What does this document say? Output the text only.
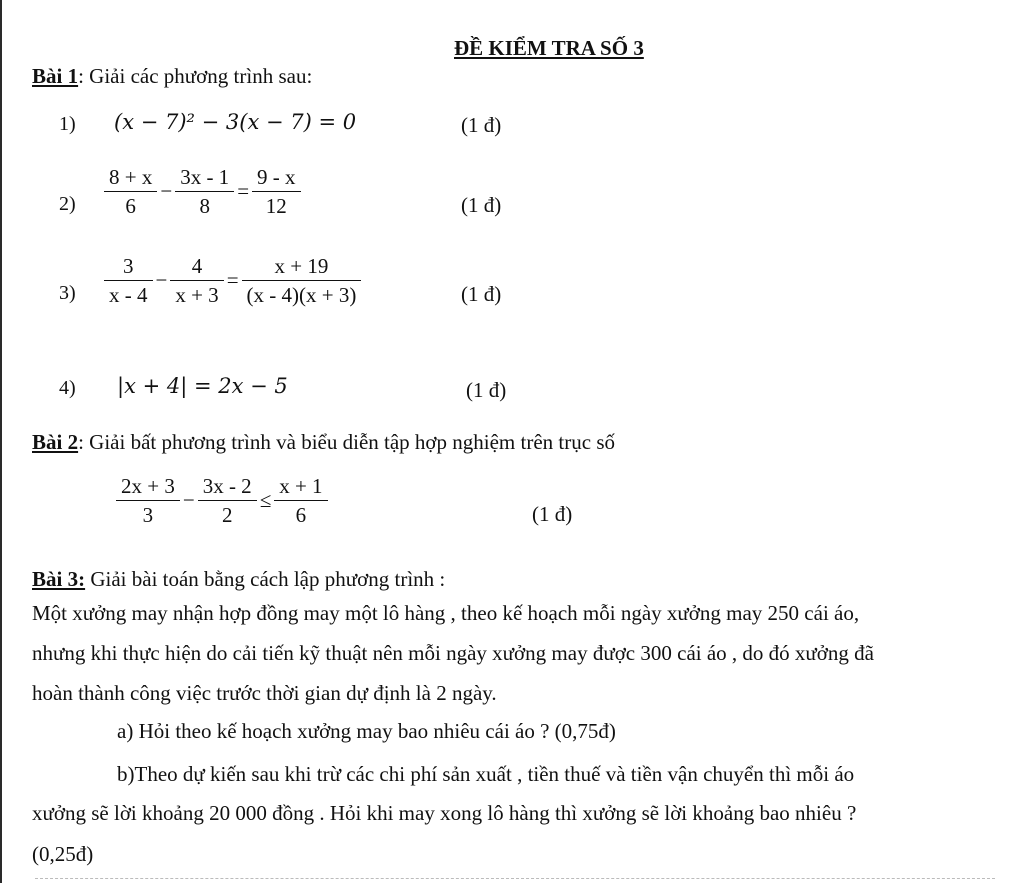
ĐỀ KIỂM TRA SỐ 3
Bài 1: Giải các phương trình sau:
1) (x − 7)² − 3(x − 7) = 0	(1 đ)
$2) \frac{8 + x}{6} - \frac{3x - 1}{8} = \frac{9 - x}{12}$	(1 đ)
$3) \frac{3}{x - 4} - \frac{4}{x + 3} = \frac{x + 19}{(x - 4)(x + 3)}$	(1 đ)
4) |x + 4| = 2x − 5	(1 đ)
Bài 2: Giải bất phương trình và biểu diễn tập hợp nghiệm trên trục số
$\frac{2x + 3}{3} - \frac{3x - 2}{2} \le \frac{x + 1}{6}$	(1 đ)
Bài 3: Giải bài toán bằng cách lập phương trình :
Một xưởng may nhận hợp đồng may một lô hàng , theo kế hoạch mỗi ngày xưởng may 250 cái áo,
nhưng khi thực hiện do cải tiến kỹ thuật nên mỗi ngày xưởng may được 300 cái áo , do đó xưởng đã
hoàn thành công việc trước thời gian dự định là 2 ngày.
a) Hỏi theo kế hoạch xưởng may bao nhiêu cái áo ? (0,75đ)
b)Theo dự kiến sau khi trừ các chi phí sản xuất , tiền thuế và tiền vận chuyển thì mỗi áo
xưởng sẽ lời khoảng 20 000 đồng . Hỏi khi may xong lô hàng thì xưởng sẽ lời khoảng bao nhiêu ?
(0,25đ)
